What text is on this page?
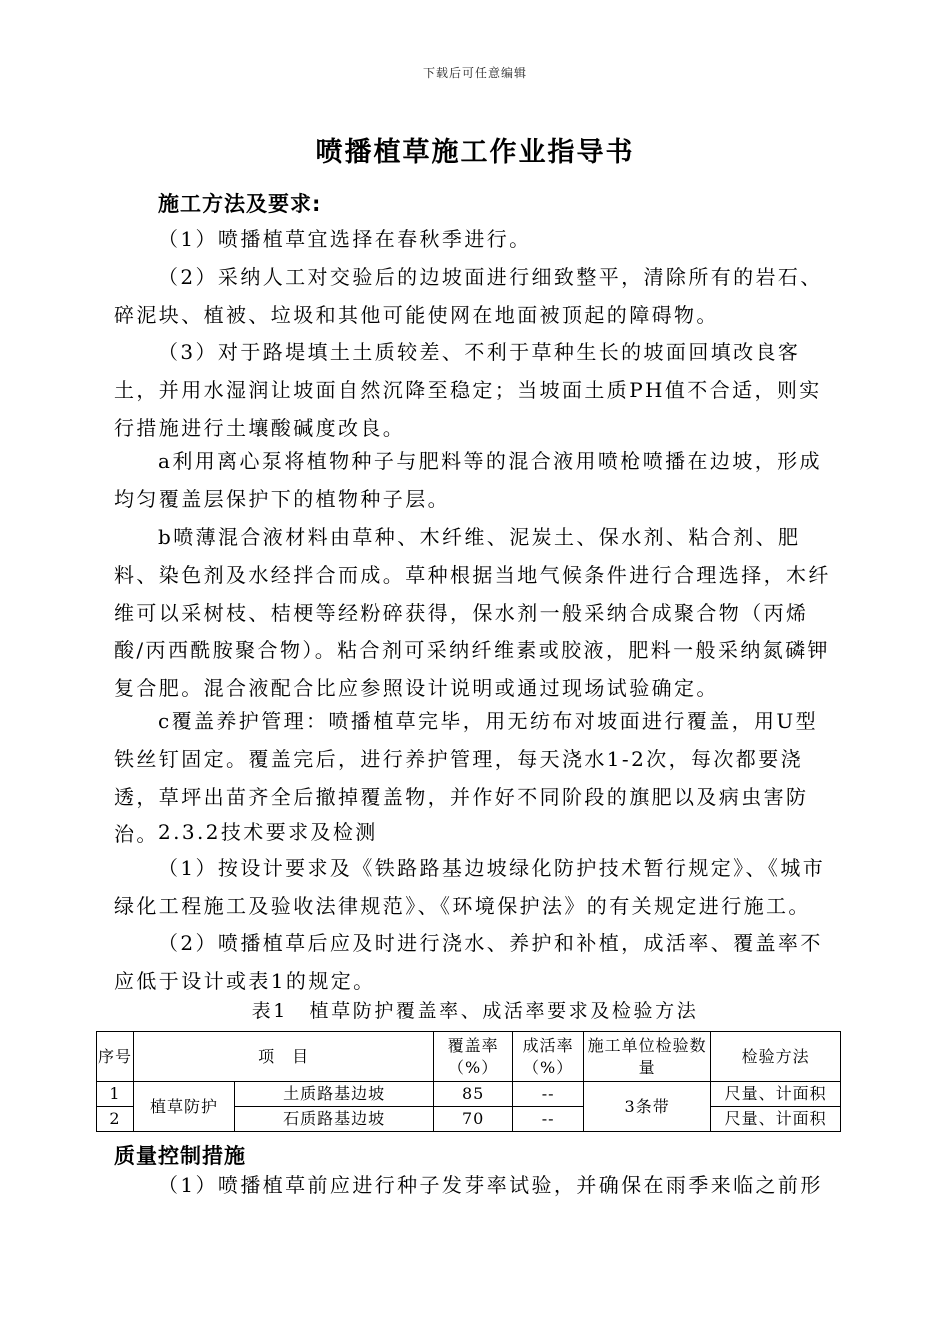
下载后可任意编辑
喷播植草施工作业指导书
施工方法及要求:

（1）喷播植草宜选择在春秋季进行。

（2）采纳人工对交验后的边坡面进行细致整平，清除所有的岩石、碎泥块、植被、垃圾和其他可能使网在地面被顶起的障碍物。

（3）对于路堤填土土质较差、不利于草种生长的坡面回填改良客土，并用水湿润让坡面自然沉降至稳定；当坡面土质PH值不合适，则实行措施进行土壤酸碱度改良。

a利用离心泵将植物种子与肥料等的混合液用喷枪喷播在边坡，形成均匀覆盖层保护下的植物种子层。

b喷薄混合液材料由草种、木纤维、泥炭土、保水剂、粘合剂、肥料、染色剂及水经拌合而成。草种根据当地气候条件进行合理选择，木纤维可以采树枝、桔梗等经粉碎获得，保水剂一般采纳合成聚合物（丙烯酸/丙西酰胺聚合物）。粘合剂可采纳纤维素或胶液，肥料一般采纳氮磷钾复合肥。混合液配合比应参照设计说明或通过现场试验确定。

c覆盖养护管理：喷播植草完毕，用无纺布对坡面进行覆盖，用U型铁丝钉固定。覆盖完后，进行养护管理，每天浇水1-2次，每次都要浇透，草坪出苗齐全后撤掉覆盖物，并作好不同阶段的旗肥以及病虫害防治。 2.3.2技术要求及检测

（1）按设计要求及《铁路路基边坡绿化防护技术暂行规定》、《城市绿化工程施工及验收法律规范》、《环境保护法》的有关规定进行施工。

（2）喷播植草后应及时进行浇水、养护和补植，成活率、覆盖率不应低于设计或表1的规定。

表1　植草防护覆盖率、成活率要求及检验方法
序号	项　目		覆盖率（%）	成活率（%）	施工单位检验数量	检验方法
1	植草防护	土质路基边坡	85	--	3条带	尺量、计面积
2		石质路基边坡	70	--		尺量、计面积
质量控制措施

（1）喷播植草前应进行种子发芽率试验，并确保在雨季来临之前形
